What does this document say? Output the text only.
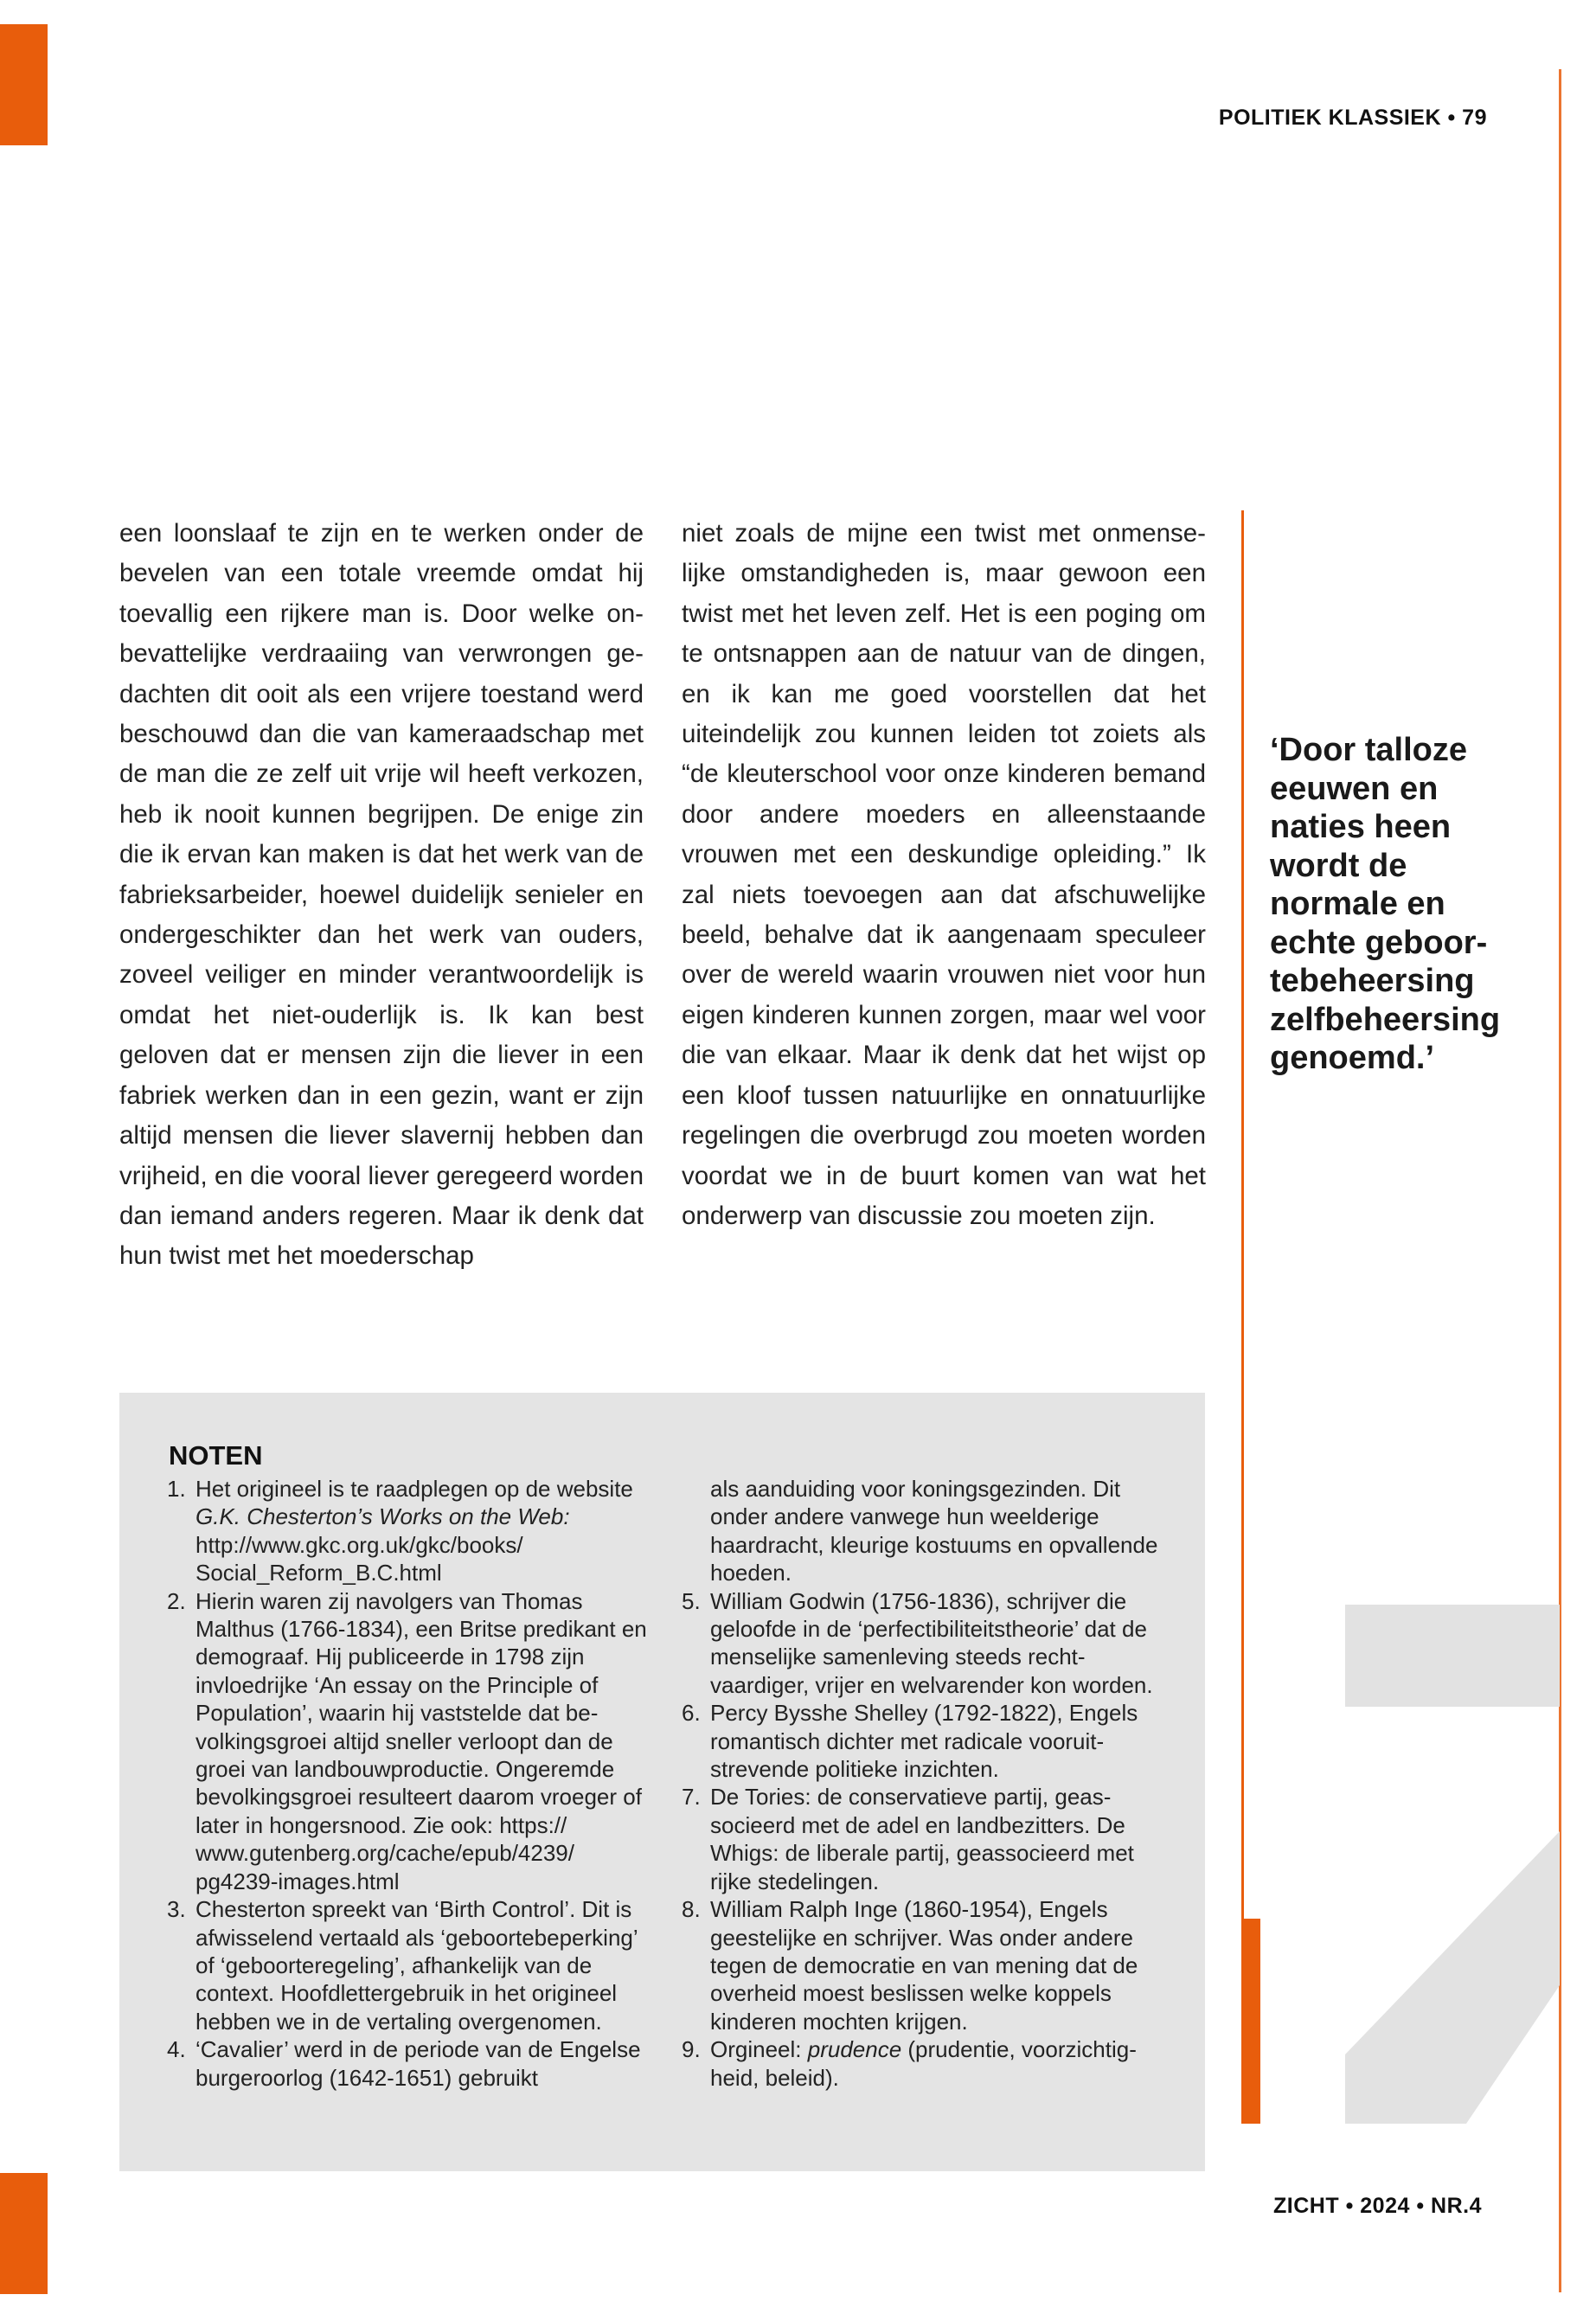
POLITIEK KLASSIEK • 79

een loonslaaf te zijn en te werken onder de bevelen van een totale vreemde omdat hij toevallig een rijkere man is. Door welke onbevattelijke verdraaiing van verwrongen gedachten dit ooit als een vrijere toestand werd beschouwd dan die van kameraadschap met de man die ze zelf uit vrije wil heeft verkozen, heb ik nooit kunnen begrijpen. De enige zin die ik ervan kan maken is dat het werk van de fabrieksarbeider, hoewel duidelijk senieler en ondergeschikter dan het werk van ouders, zoveel veiliger en minder verantwoordelijk is omdat het niet-ouderlijk is. Ik kan best geloven dat er mensen zijn die liever in een fabriek werken dan in een gezin, want er zijn altijd mensen die liever slavernij hebben dan vrijheid, en die vooral liever geregeerd worden dan iemand anders regeren. Maar ik denk dat hun twist met het moederschap

niet zoals de mijne een twist met onmenselijke omstandigheden is, maar gewoon een twist met het leven zelf. Het is een poging om te ontsnappen aan de natuur van de dingen, en ik kan me goed voorstellen dat het uiteindelijk zou kunnen leiden tot zoiets als “de kleuterschool voor onze kinderen bemand door andere moeders en alleenstaande vrouwen met een deskundige opleiding.” Ik zal niets toevoegen aan dat afschuwelijke beeld, behalve dat ik aangenaam speculeer over de wereld waarin vrouwen niet voor hun eigen kinderen kunnen zorgen, maar wel voor die van elkaar. Maar ik denk dat het wijst op een kloof tussen natuurlijke en onnatuurlijke regelingen die overbrugd zou moeten worden voordat we in de buurt komen van wat het onderwerp van discussie zou moeten zijn.

‘Door talloze eeuwen en naties heen wordt de normale en echte geboortebeheersing zelfbeheersing genoemd.’
NOTEN
1. Het origineel is te raadplegen op de website G.K. Chesterton’s Works on the Web: http://www.gkc.org.uk/gkc/books/ Social_Reform_B.C.html
2. Hierin waren zij navolgers van Thomas Malthus (1766-1834), een Britse predikant en demograaf. Hij publiceerde in 1798 zijn invloedrijke ‘An essay on the Principle of Population’, waarin hij vaststelde dat bevolkingsgroei altijd sneller verloopt dan de groei van landbouwproductie. Ongeremde bevolkingsgroei resulteert daarom vroeger of later in hongersnood. Zie ook: https:// www.gutenberg.org/cache/epub/4239/ pg4239-images.html
3. Chesterton spreekt van ‘Birth Control’. Dit is afwisselend vertaald als ‘geboortebeperking’ of ‘geboorteregeling’, afhankelijk van de context. Hoofdlettergebruik in het origineel hebben we in de vertaling overgenomen.
4. ‘Cavalier’ werd in de periode van de Engelse burgeroorlog (1642-1651) gebruikt
als aanduiding voor koningsgezinden. Dit onder andere vanwege hun weelderige haardracht, kleurige kostuums en opvallende hoeden.
5. William Godwin (1756-1836), schrijver die geloofde in de ‘perfectibiliteitstheorie’ dat de menselijke samenleving steeds rechtvaardiger, vrijer en welvarender kon worden.
6. Percy Bysshe Shelley (1792-1822), Engels romantisch dichter met radicale vooruitstrevende politieke inzichten.
7. De Tories: de conservatieve partij, geassocieerd met de adel en landbezitters. De Whigs: de liberale partij, geassocieerd met rijke stedelingen.
8. William Ralph Inge (1860-1954), Engels geestelijke en schrijver. Was onder andere tegen de democratie en van mening dat de overheid moest beslissen welke koppels kinderen mochten krijgen.
9. Orgineel: prudence (prudentie, voorzichtigheid, beleid).
ZICHT • 2024 • NR.4
